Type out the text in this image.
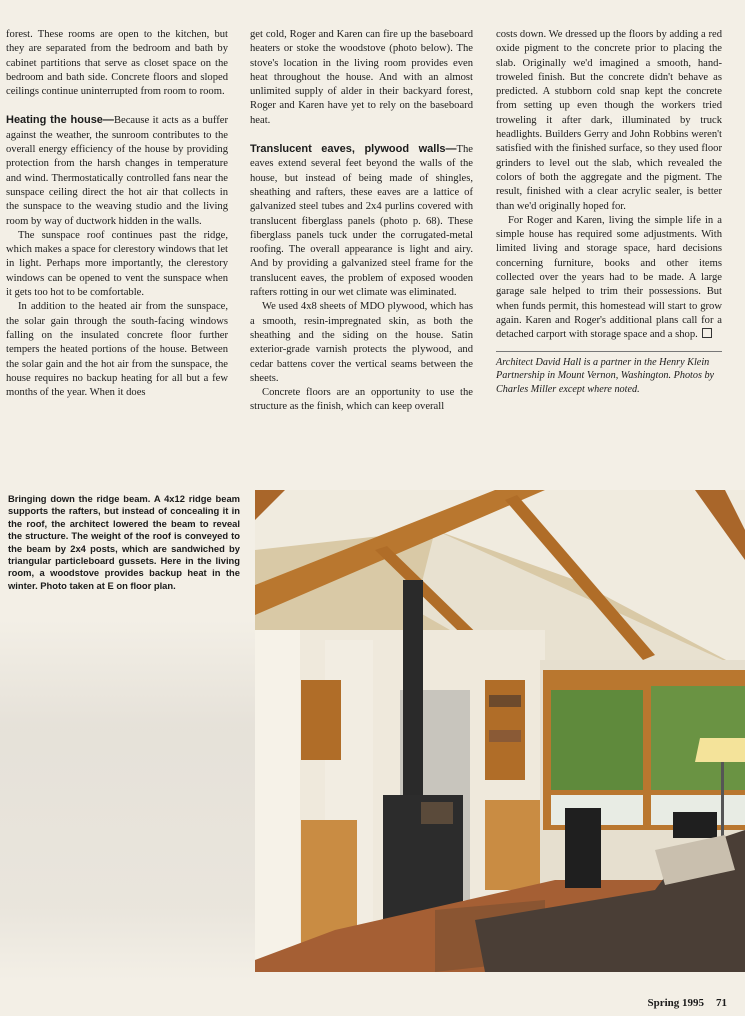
forest. These rooms are open to the kitchen, but they are separated from the bedroom and bath by cabinet partitions that serve as closet space on the bedroom and bath side. Concrete floors and sloped ceilings continue uninterrupted from room to room.

Heating the house—Because it acts as a buffer against the weather, the sunroom contributes to the overall energy efficiency of the house by providing protection from the harsh changes in temperature and wind. Thermostatically controlled fans near the sunspace ceiling direct the hot air that collects in the sunspace to the weaving studio and the living room by way of ductwork hidden in the walls.

The sunspace roof continues past the ridge, which makes a space for clerestory windows that let in light. Perhaps more importantly, the clerestory windows can be opened to vent the sunspace when it gets too hot to be comfortable.

In addition to the heated air from the sunspace, the solar gain through the south-facing windows falling on the insulated concrete floor further tempers the heated portions of the house. Between the solar gain and the hot air from the sunspace, the house requires no backup heating for all but a few months of the year. When it does

get cold, Roger and Karen can fire up the baseboard heaters or stoke the woodstove (photo below). The stove's location in the living room provides even heat throughout the house. And with an almost unlimited supply of alder in their backyard forest, Roger and Karen have yet to rely on the baseboard heat.

Translucent eaves, plywood walls—The eaves extend several feet beyond the walls of the house, but instead of being made of shingles, sheathing and rafters, these eaves are a lattice of galvanized steel tubes and 2x4 purlins covered with translucent fiberglass panels (photo p. 68). These fiberglass panels tuck under the corrugated-metal roofing. The overall appearance is light and airy. And by providing a galvanized steel frame for the translucent eaves, the problem of exposed wooden rafters rotting in our wet climate was eliminated.

We used 4x8 sheets of MDO plywood, which has a smooth, resin-impregnated skin, as both the sheathing and the siding on the house. Satin exterior-grade varnish protects the plywood, and cedar battens cover the vertical seams between the sheets.

Concrete floors are an opportunity to use the structure as the finish, which can keep overall

costs down. We dressed up the floors by adding a red oxide pigment to the concrete prior to placing the slab. Originally we'd imagined a smooth, hand-troweled finish. But the concrete didn't behave as predicted. A stubborn cold snap kept the concrete from setting up even though the workers tried troweling it after dark, illuminated by truck headlights. Builders Gerry and John Robbins weren't satisfied with the finished surface, so they used floor grinders to level out the slab, which revealed the colors of both the aggregate and the pigment. The result, finished with a clear acrylic sealer, is better than we'd originally hoped for.

For Roger and Karen, living the simple life in a simple house has required some adjustments. With limited living and storage space, hard decisions concerning furniture, books and other items collected over the years had to be made. A large garage sale helped to trim their possessions. But when funds permit, this homestead will start to grow again. Karen and Roger's additional plans call for a detached carport with storage space and a shop.

Architect David Hall is a partner in the Henry Klein Partnership in Mount Vernon, Washington. Photos by Charles Miller except where noted.

Bringing down the ridge beam. A 4x12 ridge beam supports the rafters, but instead of concealing it in the roof, the architect lowered the beam to reveal the structure. The weight of the roof is conveyed to the beam by 2x4 posts, which are sandwiched by triangular particleboard gussets. Here in the living room, a woodstove provides backup heat in the winter. Photo taken at E on floor plan.
Spring 1995 71
